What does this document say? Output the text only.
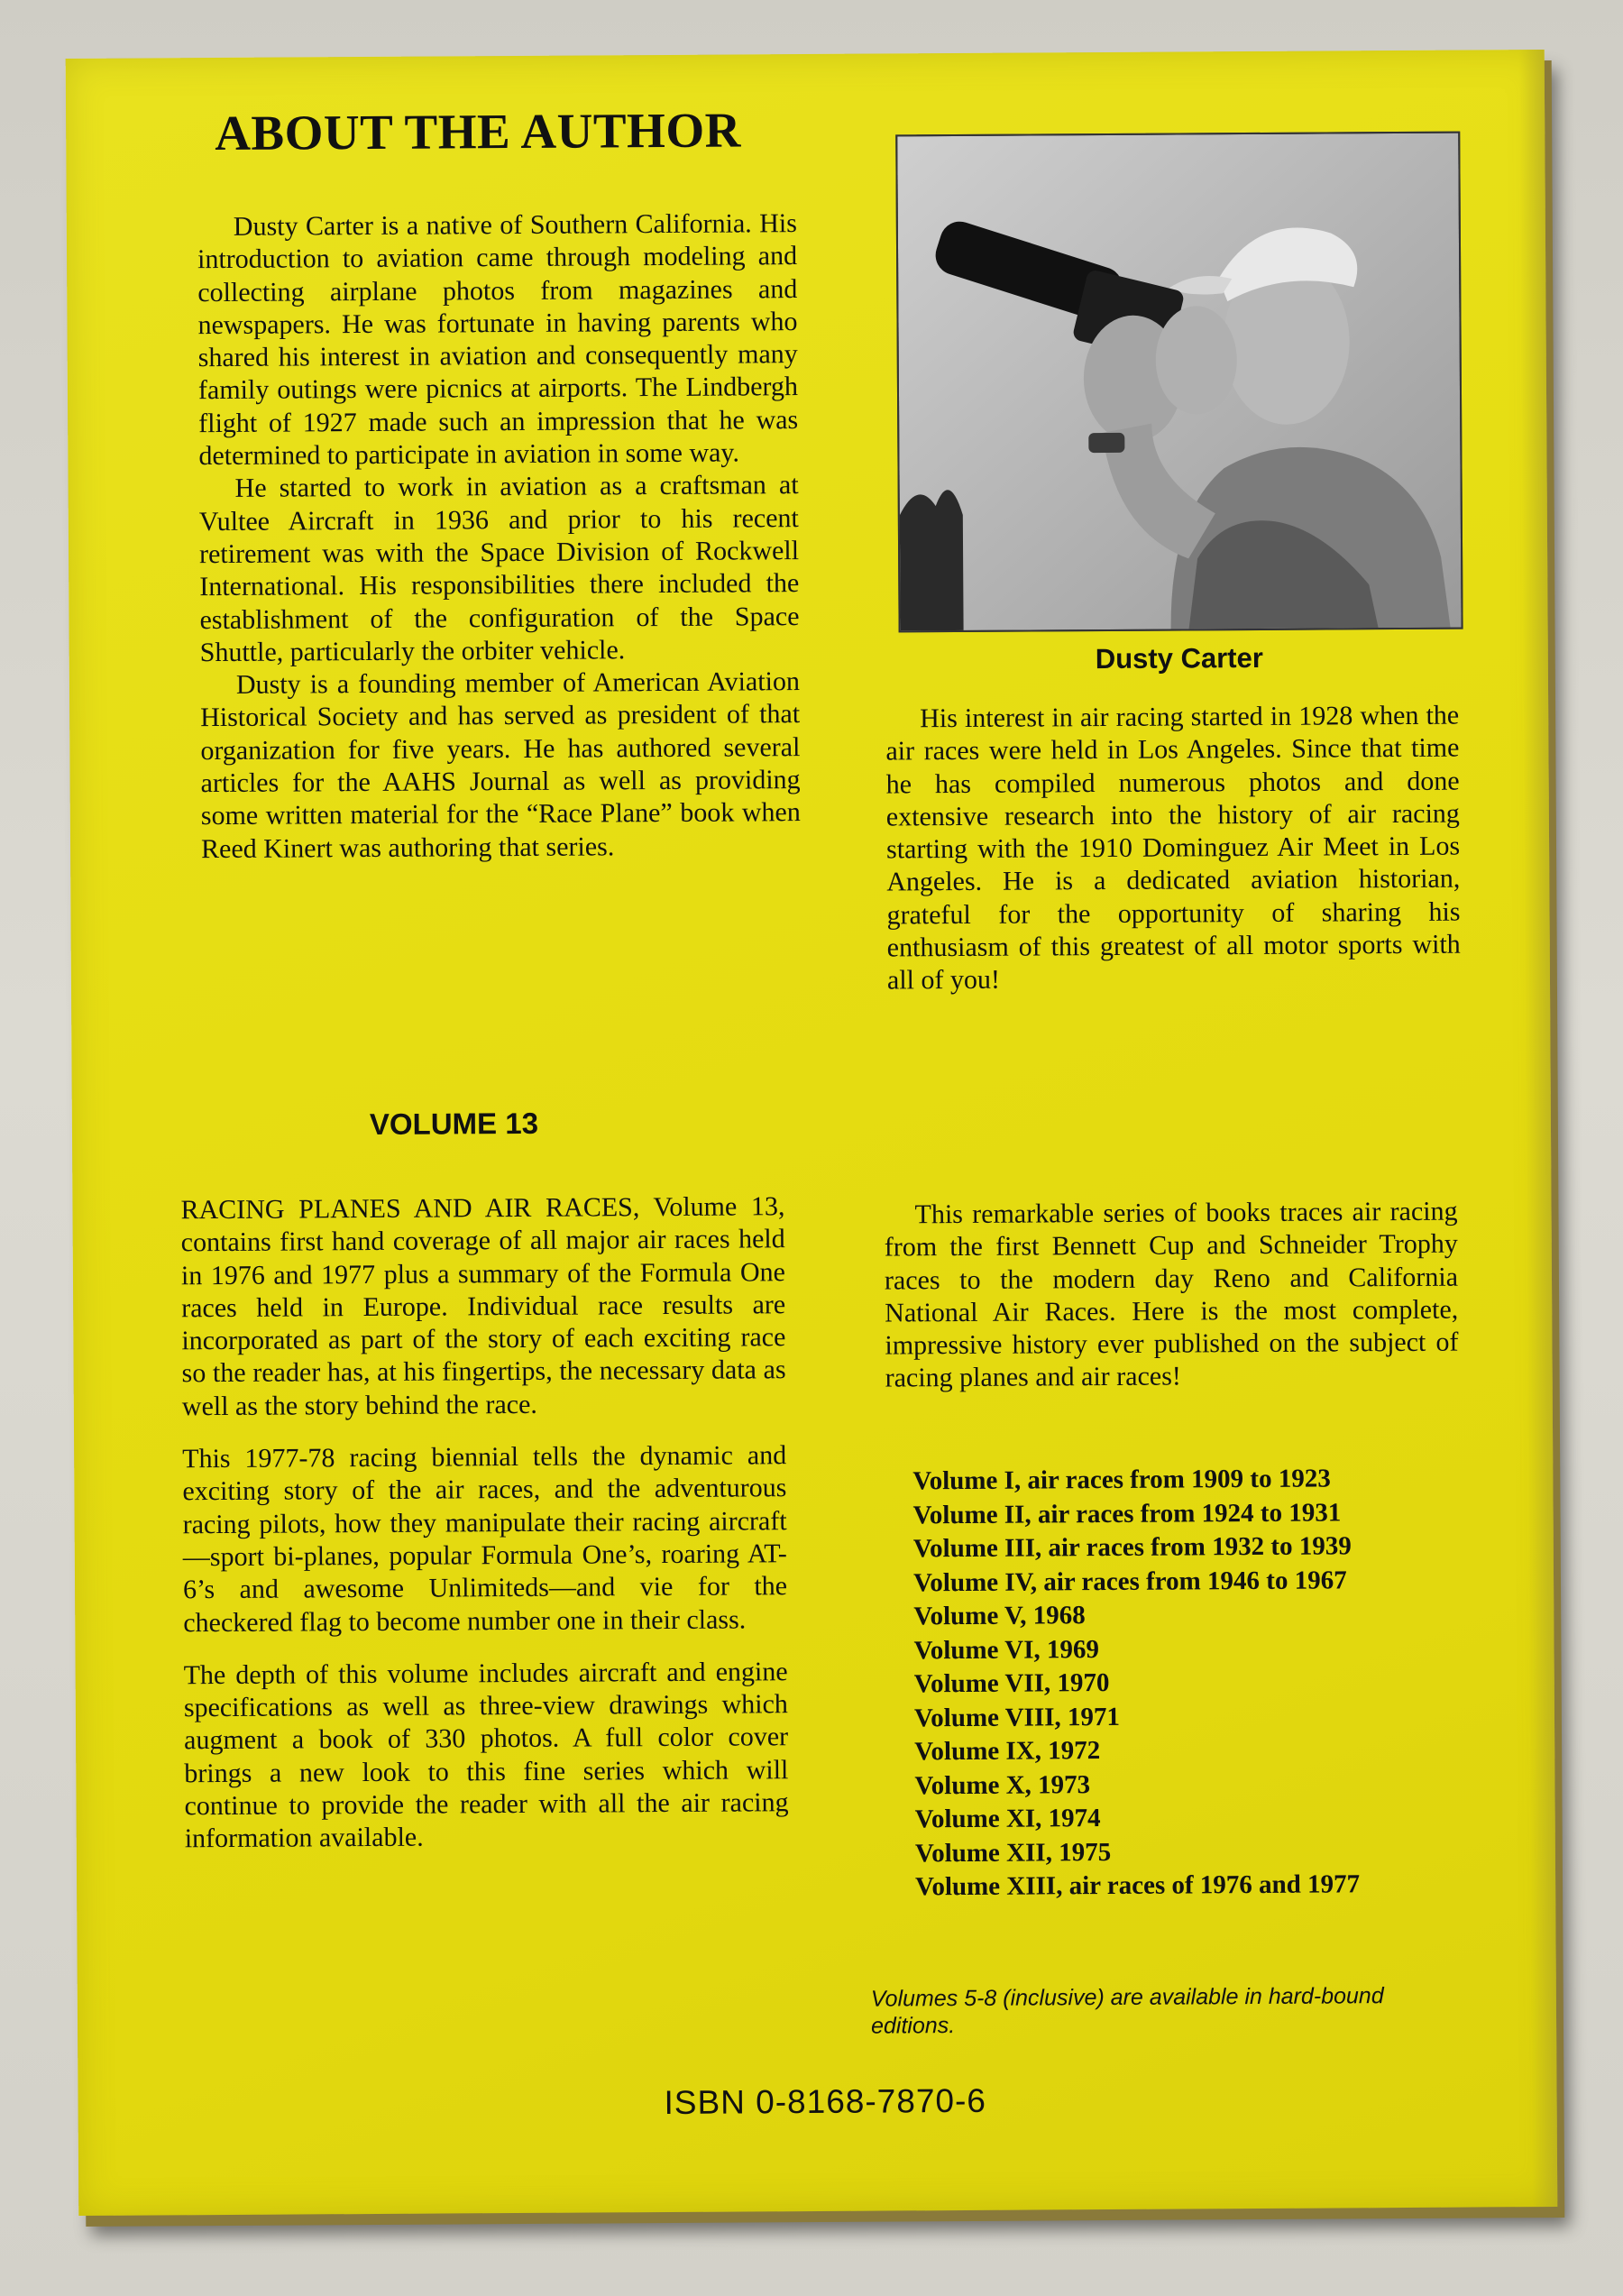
ABOUT THE AUTHOR

Dusty Carter is a native of Southern California. His introduction to aviation came through modeling and collecting airplane photos from magazines and newspapers. He was fortunate in having parents who shared his interest in aviation and consequently many family outings were picnics at airports. The Lindbergh flight of 1927 made such an impression that he was determined to participate in aviation in some way.

He started to work in aviation as a craftsman at Vultee Aircraft in 1936 and prior to his recent retirement was with the Space Division of Rockwell International. His responsibilities there included the establishment of the configuration of the Space Shuttle, particularly the orbiter vehicle.

Dusty is a founding member of American Aviation Historical Society and has served as president of that organization for five years. He has authored several articles for the AAHS Journal as well as providing some written material for the “Race Plane” book when Reed Kinert was authoring that series.

Dusty Carter

His interest in air racing started in 1928 when the air races were held in Los Angeles. Since that time he has compiled numerous photos and done extensive research into the history of air racing starting with the 1910 Dominguez Air Meet in Los Angeles. He is a dedicated aviation historian, grateful for the opportunity of sharing his enthusiasm of this greatest of all motor sports with all of you!

VOLUME 13

RACING PLANES AND AIR RACES, Volume 13, contains first hand coverage of all major air races held in 1976 and 1977 plus a summary of the Formula One races held in Europe. Individual race results are incorporated as part of the story of each exciting race so the reader has, at his fingertips, the necessary data as well as the story behind the race.

This 1977-78 racing biennial tells the dynamic and exciting story of the air races, and the adventurous racing pilots, how they manipulate their racing aircraft—sport bi-planes, popular Formula One’s, roaring AT-6’s and awesome Unlimiteds—and vie for the checkered flag to become number one in their class.

The depth of this volume includes aircraft and engine specifications as well as three-view drawings which augment a book of 330 photos. A full color cover brings a new look to this fine series which will continue to provide the reader with all the air racing information available.

This remarkable series of books traces air racing from the first Bennett Cup and Schneider Trophy races to the modern day Reno and California National Air Races. Here is the most complete, impressive history ever published on the subject of racing planes and air races!

Volume I, air races from 1909 to 1923
Volume II, air races from 1924 to 1931
Volume III, air races from 1932 to 1939
Volume IV, air races from 1946 to 1967
Volume V, 1968
Volume VI, 1969
Volume VII, 1970
Volume VIII, 1971
Volume IX, 1972
Volume X, 1973
Volume XI, 1974
Volume XII, 1975
Volume XIII, air races of 1976 and 1977
Volumes 5-8 (inclusive) are available in hard-bound editions.
ISBN 0-8168-7870-6
